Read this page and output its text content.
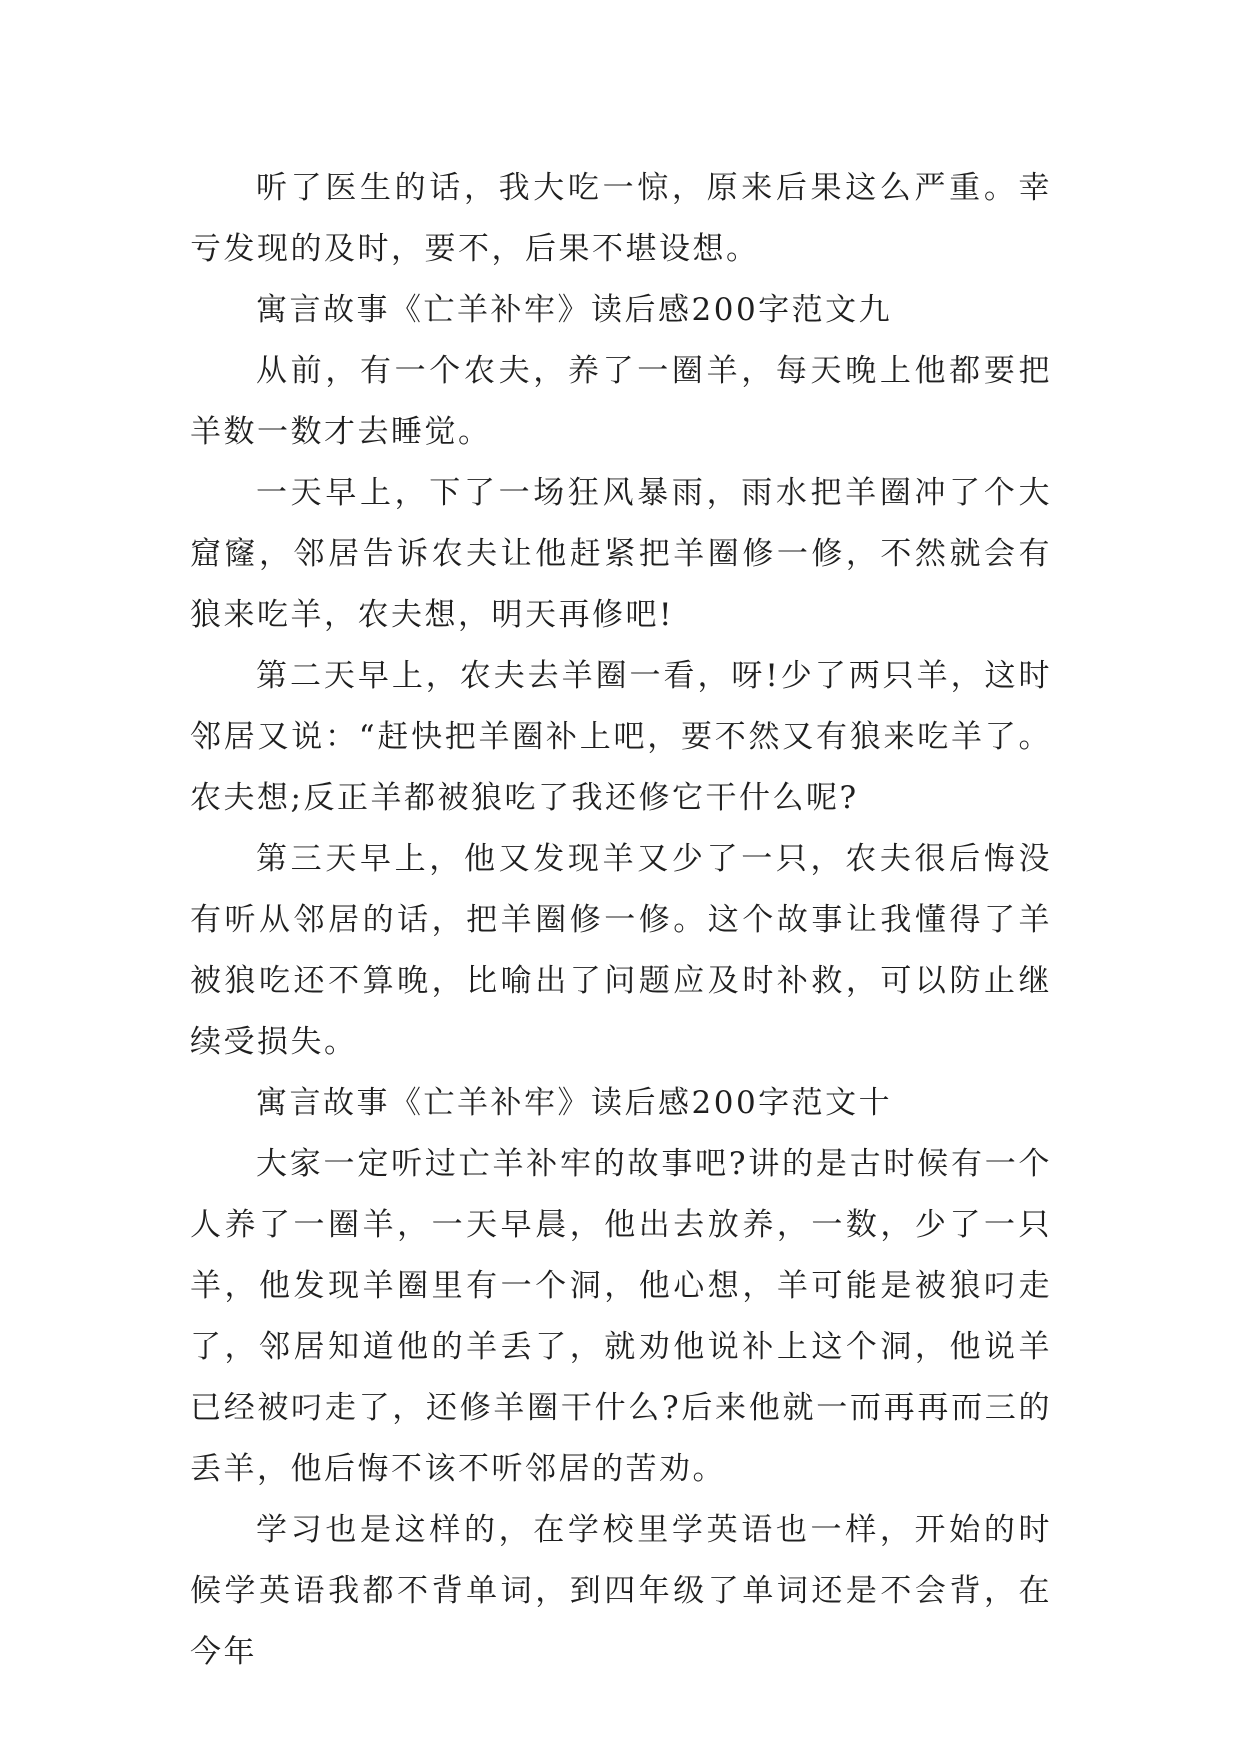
听了医生的话，我大吃一惊，原来后果这么严重。幸亏发现的及时，要不，后果不堪设想。

寓言故事《亡羊补牢》读后感200字范文九

从前，有一个农夫，养了一圈羊，每天晚上他都要把羊数一数才去睡觉。

一天早上，下了一场狂风暴雨，雨水把羊圈冲了个大窟窿，邻居告诉农夫让他赶紧把羊圈修一修，不然就会有狼来吃羊，农夫想，明天再修吧!

第二天早上，农夫去羊圈一看，呀!少了两只羊，这时邻居又说：“赶快把羊圈补上吧，要不然又有狼来吃羊了。农夫想;反正羊都被狼吃了我还修它干什么呢?

第三天早上，他又发现羊又少了一只，农夫很后悔没有听从邻居的话，把羊圈修一修。这个故事让我懂得了羊被狼吃还不算晚，比喻出了问题应及时补救，可以防止继续受损失。

寓言故事《亡羊补牢》读后感200字范文十

大家一定听过亡羊补牢的故事吧?讲的是古时候有一个人养了一圈羊，一天早晨，他出去放养，一数，少了一只羊，他发现羊圈里有一个洞，他心想，羊可能是被狼叼走了，邻居知道他的羊丢了，就劝他说补上这个洞，他说羊已经被叼走了，还修羊圈干什么?后来他就一而再再而三的丢羊，他后悔不该不听邻居的苦劝。

学习也是这样的，在学校里学英语也一样，开始的时候学英语我都不背单词，到四年级了单词还是不会背，在今年
